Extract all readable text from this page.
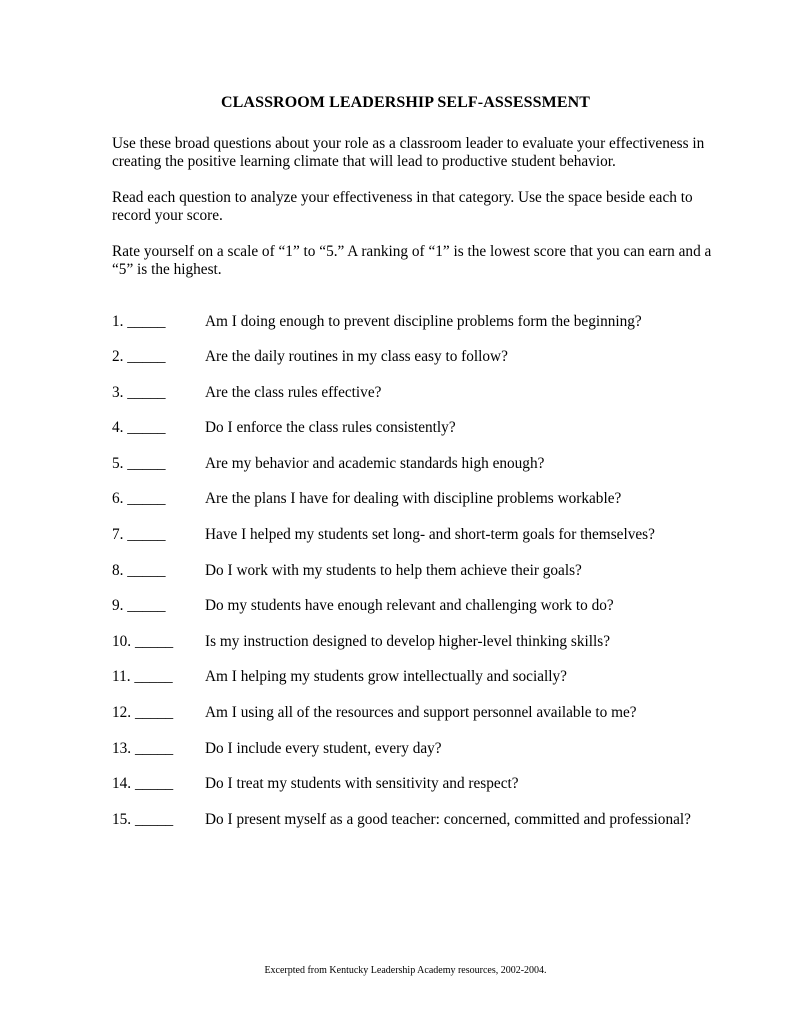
CLASSROOM LEADERSHIP SELF-ASSESSMENT
Use these broad questions about your role as a classroom leader to evaluate your effectiveness in creating the positive learning climate that will lead to productive student behavior.
Read each question to analyze your effectiveness in that category. Use the space beside each to record your score.
Rate yourself on a scale of “1” to “5.” A ranking of “1” is the lowest score that you can earn and a “5” is the highest.
1. _____	Am I doing enough to prevent discipline problems form the beginning?
2. _____	Are the daily routines in my class easy to follow?
3. _____	Are the class rules effective?
4. _____	Do I enforce the class rules consistently?
5. _____	Are my behavior and academic standards high enough?
6. _____	Are the plans I have for dealing with discipline problems workable?
7. _____	Have I helped my students set long- and short-term goals for themselves?
8. _____	Do I work with my students to help them achieve their goals?
9. _____	Do my students have enough relevant and challenging work to do?
10. _____ Is my instruction designed to develop higher-level thinking skills?
11. _____ Am I helping my students grow intellectually and socially?
12. _____ Am I using all of the resources and support personnel available to me?
13. _____ Do I include every student, every day?
14. _____ Do I treat my students with sensitivity and respect?
15. _____ Do I present myself as a good teacher: concerned, committed and professional?
Excerpted from Kentucky Leadership Academy resources, 2002-2004.
